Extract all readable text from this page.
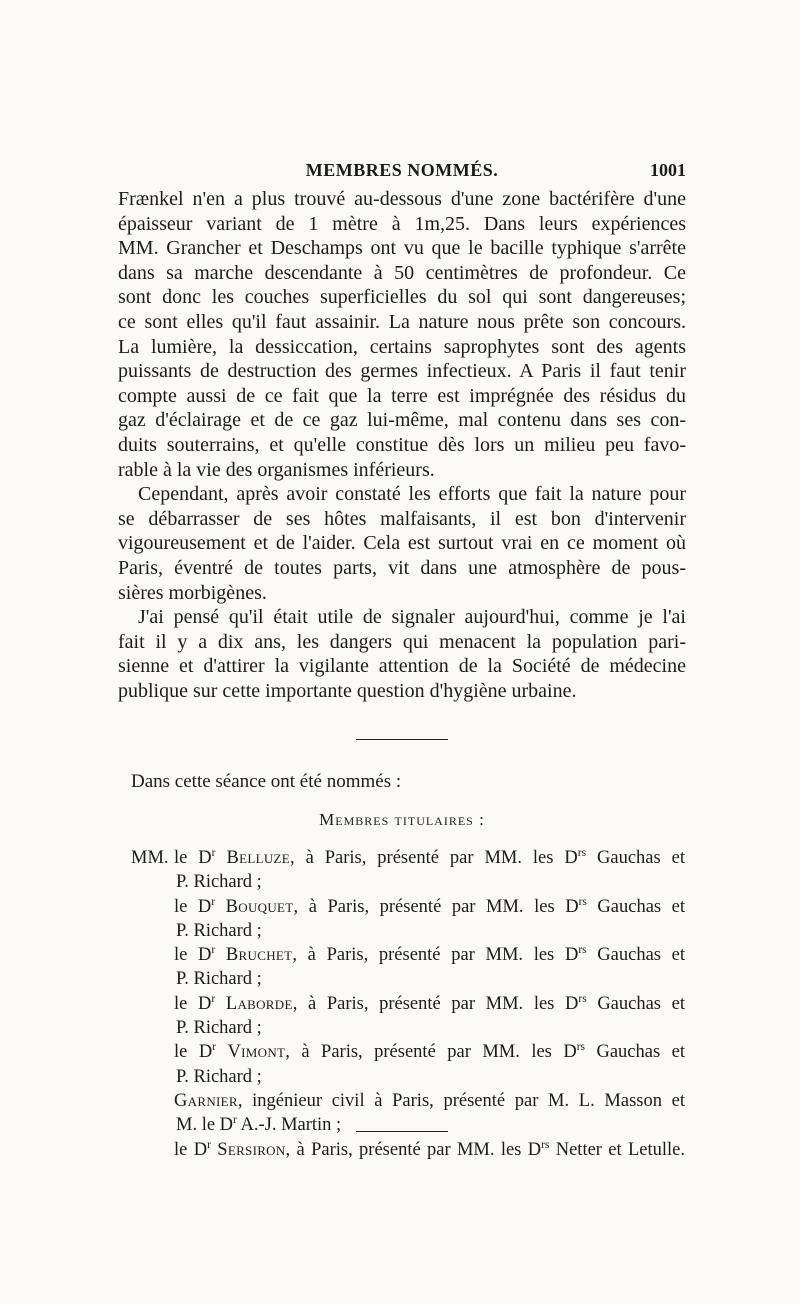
MEMBRES NOMMÉS.	1001
Frænkel n'en a plus trouvé au-dessous d'une zone bactérifère d'une
épaisseur variant de 1 mètre à 1m,25. Dans leurs expériences
MM. Grancher et Deschamps ont vu que le bacille typhique s'arrête
dans sa marche descendante à 50 centimètres de profondeur. Ce
sont donc les couches superficielles du sol qui sont dangereuses;
ce sont elles qu'il faut assainir. La nature nous prête son concours.
La lumière, la dessiccation, certains saprophytes sont des agents
puissants de destruction des germes infectieux. A Paris il faut tenir
compte aussi de ce fait que la terre est imprégnée des résidus du
gaz d'éclairage et de ce gaz lui-même, mal contenu dans ses con-
duits souterrains, et qu'elle constitue dès lors un milieu peu favo-
rable à la vie des organismes inférieurs.
Cependant, après avoir constaté les efforts que fait la nature pour
se débarrasser de ses hôtes malfaisants, il est bon d'intervenir
vigoureusement et de l'aider. Cela est surtout vrai en ce moment où
Paris, éventré de toutes parts, vit dans une atmosphère de pous-
sières morbigènes.
J'ai pensé qu'il était utile de signaler aujourd'hui, comme je l'ai
fait il y a dix ans, les dangers qui menacent la population pari-
sienne et d'attirer la vigilante attention de la Société de médecine
publique sur cette importante question d'hygiène urbaine.
Dans cette séance ont été nommés :
Membres titulaires :
MM. le $D^r$ Belluze, à Paris, présenté par MM. les $D^{rs}$ Gauchas et
P. Richard ;
le $D^r$ Bouquet, à Paris, présenté par MM. les $D^{rs}$ Gauchas et
P. Richard ;
le $D^r$ Bruchet, à Paris, présenté par MM. les $D^{rs}$ Gauchas et
P. Richard ;
le $D^r$ Laborde, à Paris, présenté par MM. les $D^{rs}$ Gauchas et
P. Richard ;
le $D^r$ Vimont, à Paris, présenté par MM. les $D^{rs}$ Gauchas et
P. Richard ;
Garnier, ingénieur civil à Paris, présenté par M. L. Masson et
M. le $D^r$ A.-J. Martin ;
le $D^r$ Sersiron, à Paris, présenté par MM. les $D^{rs}$ Netter et Letulle.
